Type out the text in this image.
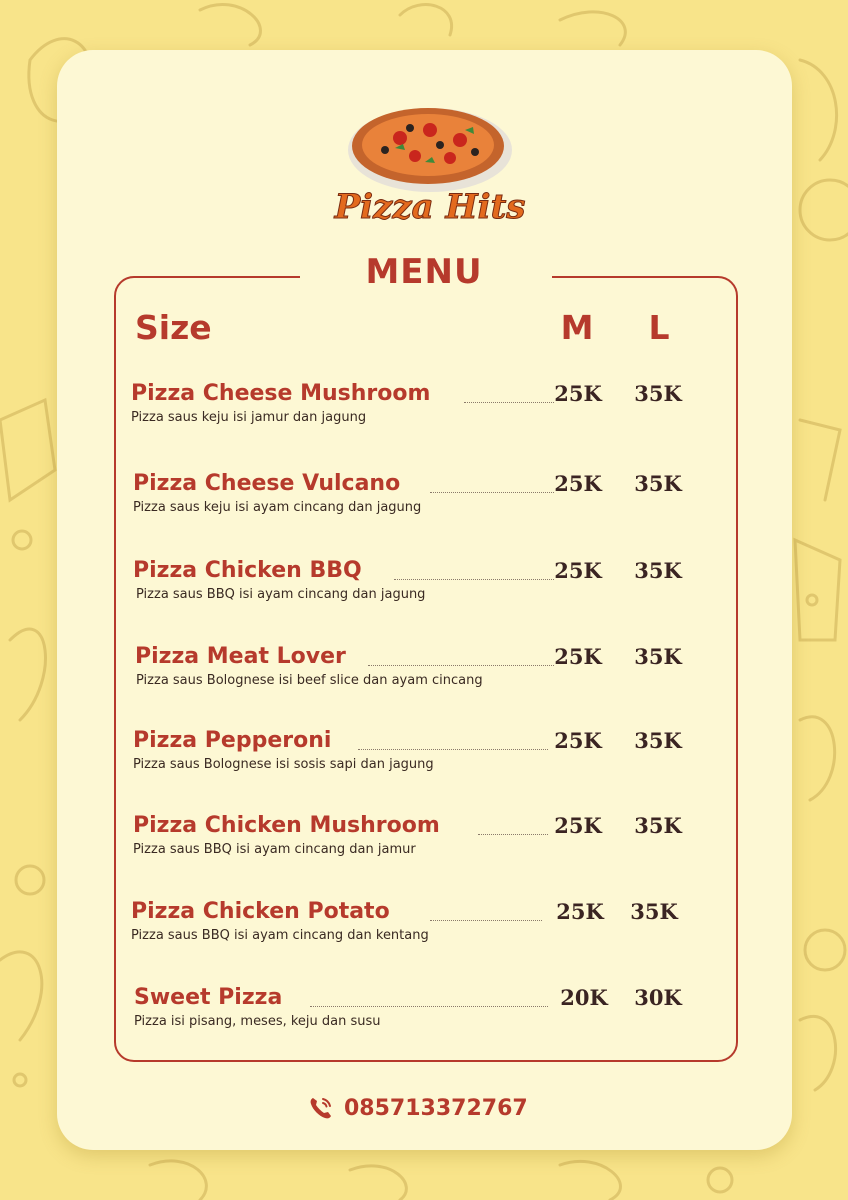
Pizza Hits
MENU
Size	M	L
Pizza Cheese Mushroom	25K	35K
Pizza saus keju isi jamur dan jagung
Pizza Cheese Vulcano	25K	35K
Pizza saus keju isi ayam cincang dan jagung
Pizza Chicken BBQ	25K	35K
Pizza saus BBQ isi ayam cincang dan jagung
Pizza Meat Lover	25K	35K
Pizza saus Bolognese isi beef slice dan ayam cincang
Pizza Pepperoni	25K	35K
Pizza saus Bolognese isi sosis sapi dan jagung
Pizza Chicken Mushroom	25K	35K
Pizza saus BBQ isi ayam cincang dan jamur
Pizza Chicken Potato	25K	35K
Pizza saus BBQ isi ayam cincang dan kentang
Sweet Pizza	20K	30K
Pizza isi pisang, meses, keju dan susu
085713372767
